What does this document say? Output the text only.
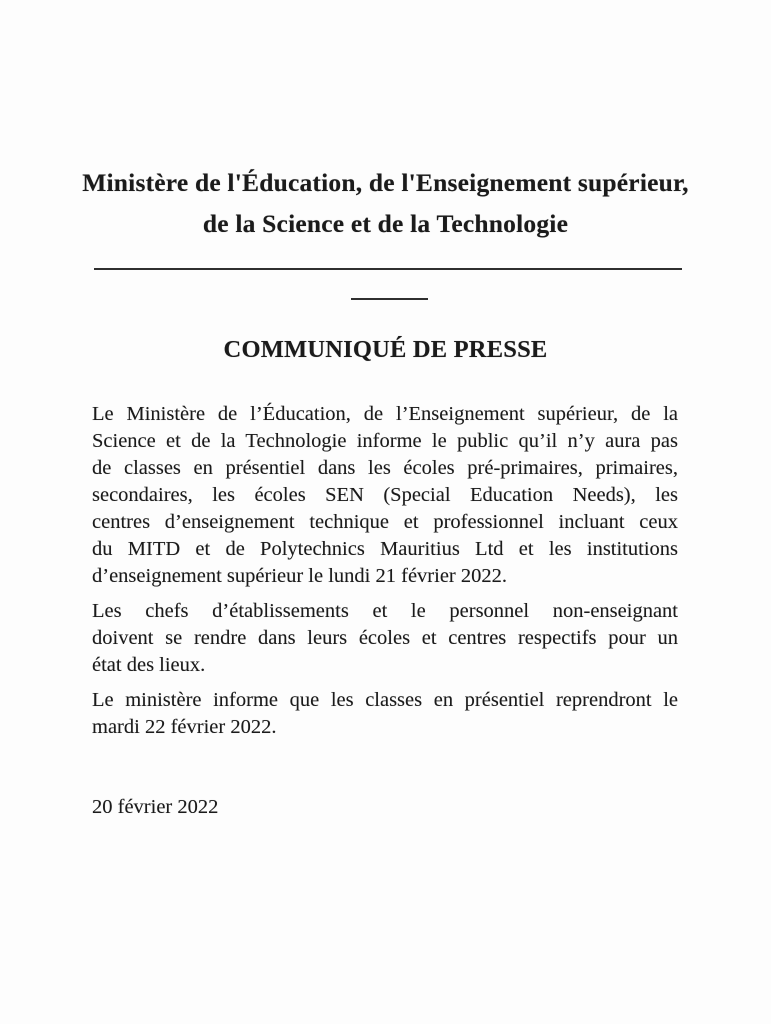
Ministère de l'Éducation, de l'Enseignement supérieur,
de la Science et de la Technologie
COMMUNIQUÉ DE PRESSE
Le Ministère de l’Éducation, de l’Enseignement supérieur, de la
Science et de la Technologie informe le public qu’il n’y aura pas
de classes en présentiel dans les écoles pré-primaires, primaires,
secondaires, les écoles SEN (Special Education Needs), les
centres d’enseignement technique et professionnel incluant ceux
du MITD et de Polytechnics Mauritius Ltd et les institutions
d’enseignement supérieur le lundi 21 février 2022.
Les chefs d’établissements et le personnel non-enseignant
doivent se rendre dans leurs écoles et centres respectifs pour un
état des lieux.
Le ministère informe que les classes en présentiel reprendront le
mardi 22 février 2022.
20 février 2022
